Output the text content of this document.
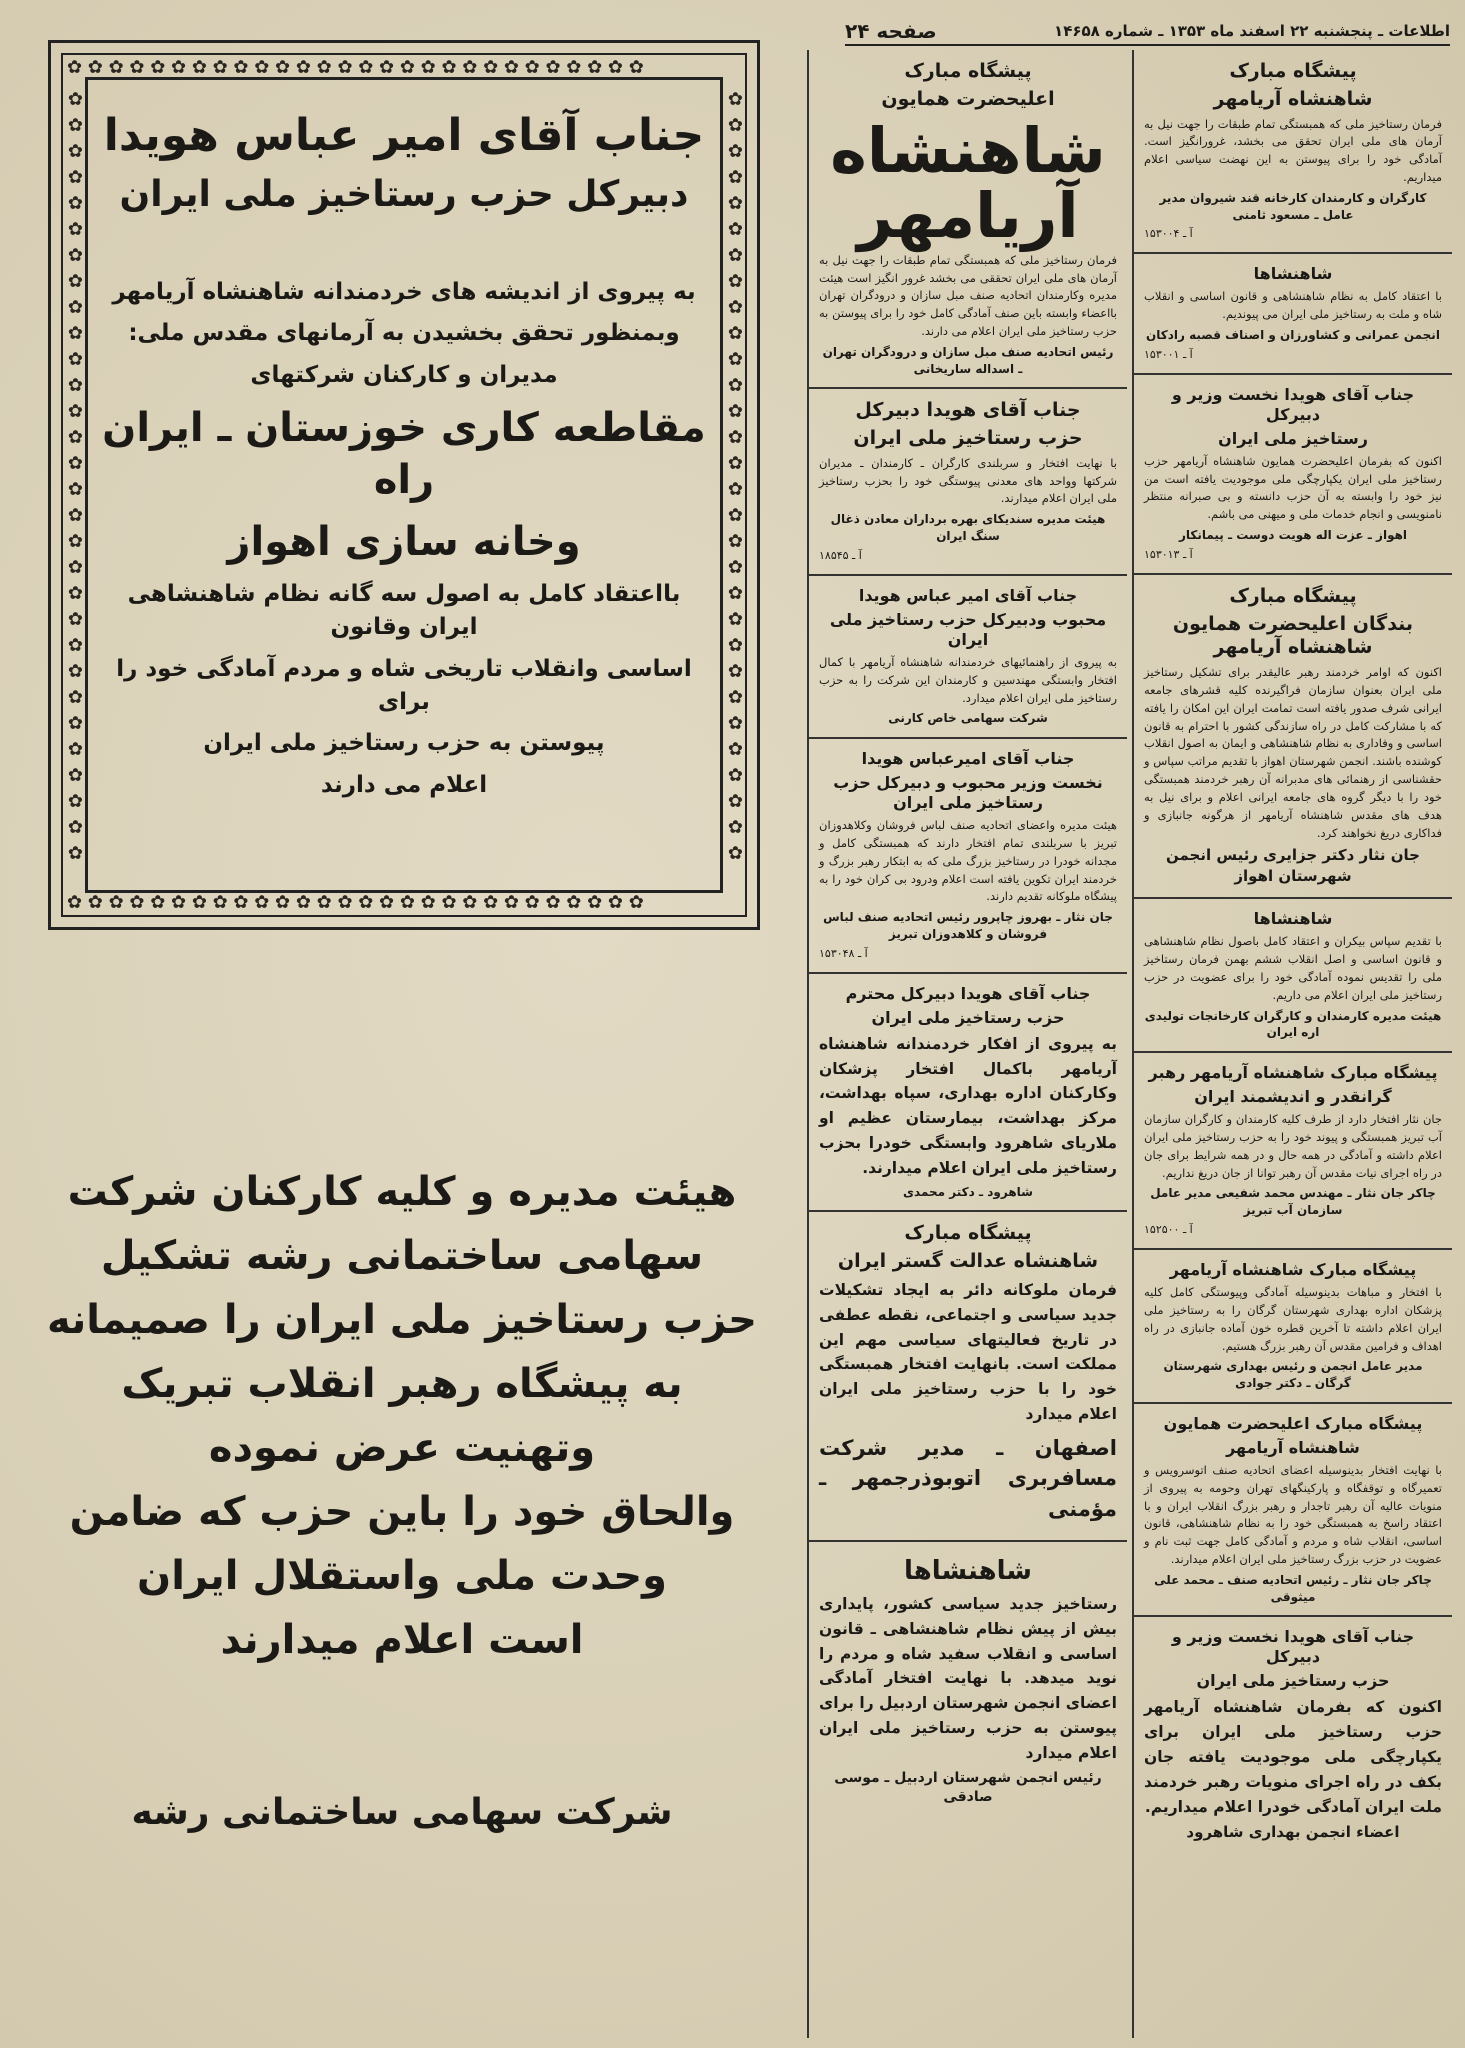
اطلاعات ـ پنجشنبه ۲۲ اسفند ماه ۱۳۵۳ ـ شماره ۱۴۶۵۸
صفحه ۲۴
پیشگاه مبارک
شاهنشاه آریامهر

فرمان رستاخیز ملی که همبستگی تمام طبقات را جهت نیل به آرمان های ملی ایران تحقق می بخشد، غرورانگیز است. آمادگی خود را برای پیوستن به این نهضت سیاسی اعلام میداریم.

کارگران و کارمندان کارخانه قند شیروان مدیر عامل ـ مسعود ثامنی

آ ـ ۱۵۳۰۰۴

شاهنشاها

با اعتقاد کامل به نظام شاهنشاهی و قانون اساسی و انقلاب شاه و ملت به رستاخیز ملی ایران می پیوندیم.

انجمن عمرانی و کشاورزان و اصناف قصبه رادکان

آ ـ ۱۵۳۰۰۱

جناب آقای هویدا نخست وزیر و دبیرکل
رستاخیز ملی ایران

اکنون که بفرمان اعلیحضرت همایون شاهنشاه آریامهر حزب رستاخیز ملی ایران یکپارچگی ملی موجودیت یافته است من نیز خود را وابسته به آن حزب دانسته و بی صبرانه منتظر نامنویسی و انجام خدمات ملی و میهنی می باشم.

اهواز ـ عزت اله هویت دوست ـ پیمانکار

آ ـ ۱۵۳۰۱۳

پیشگاه مبارک
بندگان اعلیحضرت همایون شاهنشاه آریامهر

اکنون که اوامر خردمند رهبر عالیقدر برای تشکیل رستاخیز ملی ایران بعنوان سازمان فراگیرنده کلیه قشرهای جامعه ایرانی شرف صدور یافته است تمامت ایران این امکان را یافته که با مشارکت کامل در راه سازندگی کشور با احترام به قانون اساسی و وفاداری به نظام شاهنشاهی و ایمان به اصول انقلاب کوشنده باشند. انجمن شهرستان اهواز با تقدیم مراتب سپاس و حقشناسی از رهنمائی های مدبرانه آن رهبر خردمند همبستگی خود را با دیگر گروه های جامعه ایرانی اعلام و برای نیل به هدف های مقدس شاهنشاه آریامهر از هرگونه جانبازی و فداکاری دریغ نخواهند کرد.

جان نثار دکتر جزایری رئیس انجمن شهرستان اهواز

شاهنشاها

با تقدیم سپاس بیکران و اعتقاد کامل باصول نظام شاهنشاهی و قانون اساسی و اصل انقلاب ششم بهمن فرمان رستاخیز ملی را تقدیس نموده آمادگی خود را برای عضویت در حزب رستاخیز ملی ایران اعلام می داریم.

هیئت مدیره کارمندان و کارگران کارخانجات تولیدی اره ایران

پیشگاه مبارک شاهنشاه آریامهر رهبر
گرانقدر و اندیشمند ایران

جان نثار افتخار دارد از طرف کلیه کارمندان و کارگران سازمان آب تبریز همبستگی و پیوند خود را به حزب رستاخیز ملی ایران اعلام داشته و آمادگی در همه حال و در همه شرایط برای جان در راه اجرای نیات مقدس آن رهبر توانا از جان دریغ نداریم.

چاکر جان نثار ـ مهندس محمد شفیعی مدیر عامل سازمان آب تبریز

آ ـ ۱۵۲۵۰۰

پیشگاه مبارک شاهنشاه آریامهر

با افتخار و مباهات بدینوسیله آمادگی وپیوستگی کامل کلیه پزشکان اداره بهداری شهرستان گرگان را به رستاخیز ملی ایران اعلام داشته تا آخرین قطره خون آماده جانبازی در راه اهداف و فرامین مقدس آن رهبر بزرگ هستیم.

مدیر عامل انجمن و رئیس بهداری شهرستان گرگان ـ دکتر جوادی

پیشگاه مبارک اعلیحضرت همایون
شاهنشاه آریامهر

با نهایت افتخار بدینوسیله اعضای اتحادیه صنف اتوسرویس و تعمیرگاه و توقفگاه و پارکینگهای تهران وحومه به پیروی از منویات عالیه آن رهبر تاجدار و رهبر بزرگ انقلاب ایران و با اعتقاد راسخ به همبستگی خود را به نظام شاهنشاهی، قانون اساسی، انقلاب شاه و مردم و آمادگی کامل جهت ثبت نام و عضویت در حزب بزرگ رستاخیز ملی ایران اعلام میدارند.

چاکر جان نثار ـ رئیس اتحادیه صنف ـ محمد علی میثوقی

جناب آقای هویدا نخست وزیر و دبیرکل
حزب رستاخیز ملی ایران

اکنون که بفرمان شاهنشاه آریامهر حزب رستاخیز ملی ایران برای یکپارچگی ملی موجودیت یافته جان بکف در راه اجرای منویات رهبر خردمند ملت ایران آمادگی خودرا اعلام میداریم.

اعضاء انجمن بهداری شاهرود

پیشگاه مبارک
اعلیحضرت همایون
شاهنشاه آریامهر

فرمان رستاخیز ملی که همبستگی تمام طبقات را جهت نیل به آرمان های ملی ایران تحققی می بخشد غرور انگیز است هیئت مدیره وکارمندان اتحادیه صنف مبل سازان و درودگران تهران بااعضاء وابسته باین صنف آمادگی کامل خود را برای پیوستن به حزب رستاخیز ملی ایران اعلام می دارند.

رئیس اتحادیه صنف مبل سازان و درودگران تهران ـ اسداله ساریخانی

جناب آقای هویدا دبیرکل
حزب رستاخیز ملی ایران

با نهایت افتخار و سربلندی کارگران ـ کارمندان ـ مدیران شرکتها وواحد های معدنی پیوستگی خود را بحزب رستاخیز ملی ایران اعلام میدارند.

هیئت مدیره سندیکای بهره برداران معادن ذغال سنگ ایران

آ ـ ۱۸۵۴۵

جناب آقای امیر عباس هویدا
محبوب ودبیرکل حزب رستاخیز ملی ایران

به پیروی از راهنمائیهای خردمندانه شاهنشاه آریامهر با کمال افتخار وابستگی مهندسین و کارمندان این شرکت را به حزب رستاخیز ملی ایران اعلام میدارد.

شرکت سهامی خاص کارنی

جناب آقای امیرعباس هویدا
نخست وزیر محبوب و دبیرکل حزب رستاخیز ملی ایران

هیئت مدیره واعضای اتحادیه صنف لباس فروشان وکلاهدوزان تبریز با سربلندی تمام افتخار دارند که همبستگی کامل و مجدانه خودرا در رستاخیز بزرگ ملی که به ابتکار رهبر بزرگ و خردمند ایران تکوین یافته است اعلام ودرود بی کران خود را به پیشگاه ملوکانه تقدیم دارند.

جان نثار ـ بهروز چاپرور رئیس اتحادیه صنف لباس فروشان و کلاهدوزان تبریز

آ ـ ۱۵۳۰۴۸

جناب آقای هویدا دبیرکل محترم
حزب رستاخیز ملی ایران

به پیروی از افکار خردمندانه شاهنشاه آریامهر باکمال افتخار پزشکان وکارکنان اداره بهداری، سپاه بهداشت، مرکز بهداشت، بیمارستان عظیم او ملاریای شاهرود وابستگی خودرا بحزب رستاخیز ملی ایران اعلام میدارند.

شاهرود ـ دکتر محمدی

پیشگاه مبارک
شاهنشاه عدالت گستر ایران

فرمان ملوکانه دائر به ایجاد تشکیلات جدید سیاسی و اجتماعی، نقطه عطفی در تاریخ فعالیتهای سیاسی مهم این مملکت است. بانهایت افتخار همبستگی خود را با حزب رستاخیز ملی ایران اعلام میدارد

اصفهان ـ مدیر شرکت مسافربری اتوبوذرجمهر ـ مؤمنی

شاهنشاها

رستاخیز جدید سیاسی کشور، پایداری بیش از پیش نظام شاهنشاهی ـ قانون اساسی و انقلاب سفید شاه و مردم را نوید میدهد. با نهایت افتخار آمادگی اعضای انجمن شهرستان اردبیل را برای پیوستن به حزب رستاخیز ملی ایران اعلام میدارد

رئیس انجمن شهرستان اردبیل ـ موسی صادقی

✿ ✿ ✿ ✿ ✿ ✿ ✿ ✿ ✿ ✿ ✿ ✿ ✿ ✿ ✿ ✿ ✿ ✿ ✿ ✿ ✿ ✿ ✿ ✿ ✿ ✿ ✿ ✿
✿ ✿ ✿ ✿ ✿ ✿ ✿ ✿ ✿ ✿ ✿ ✿ ✿ ✿ ✿ ✿ ✿ ✿ ✿ ✿ ✿ ✿ ✿ ✿ ✿ ✿ ✿ ✿
✿ ✿ ✿ ✿ ✿ ✿ ✿ ✿ ✿ ✿ ✿ ✿ ✿ ✿ ✿ ✿ ✿ ✿ ✿ ✿ ✿ ✿ ✿ ✿ ✿ ✿ ✿ ✿ ✿ ✿
✿ ✿ ✿ ✿ ✿ ✿ ✿ ✿ ✿ ✿ ✿ ✿ ✿ ✿ ✿ ✿ ✿ ✿ ✿ ✿ ✿ ✿ ✿ ✿ ✿ ✿ ✿ ✿ ✿ ✿
جناب آقای امیر عباس هویدا
دبیرکل حزب رستاخیز ملی ایران
به پیروی از اندیشه های خردمندانه شاهنشاه آریامهر
وبمنظور تحقق بخشیدن به آرمانهای مقدس ملی:
مدیران و کارکنان شرکتهای
مقاطعه کاری خوزستان ـ ایران راه
وخانه سازی اهواز
بااعتقاد کامل به اصول سه گانه نظام شاهنشاهی ایران وقانون
اساسی وانقلاب تاریخی شاه و مردم آمادگی خود را برای
پیوستن به حزب رستاخیز ملی ایران
اعلام می دارند

هیئت مدیره و کلیه کارکنان شرکت

سهامی ساختمانی رشه تشکیل

حزب رستاخیز ملی ایران را صمیمانه

به پیشگاه رهبر انقلاب تبریک

وتهنیت عرض نموده

والحاق خود را باین حزب که ضامن

وحدت ملی واستقلال ایران

است اعلام میدارند

شرکت سهامی ساختمانی رشه
